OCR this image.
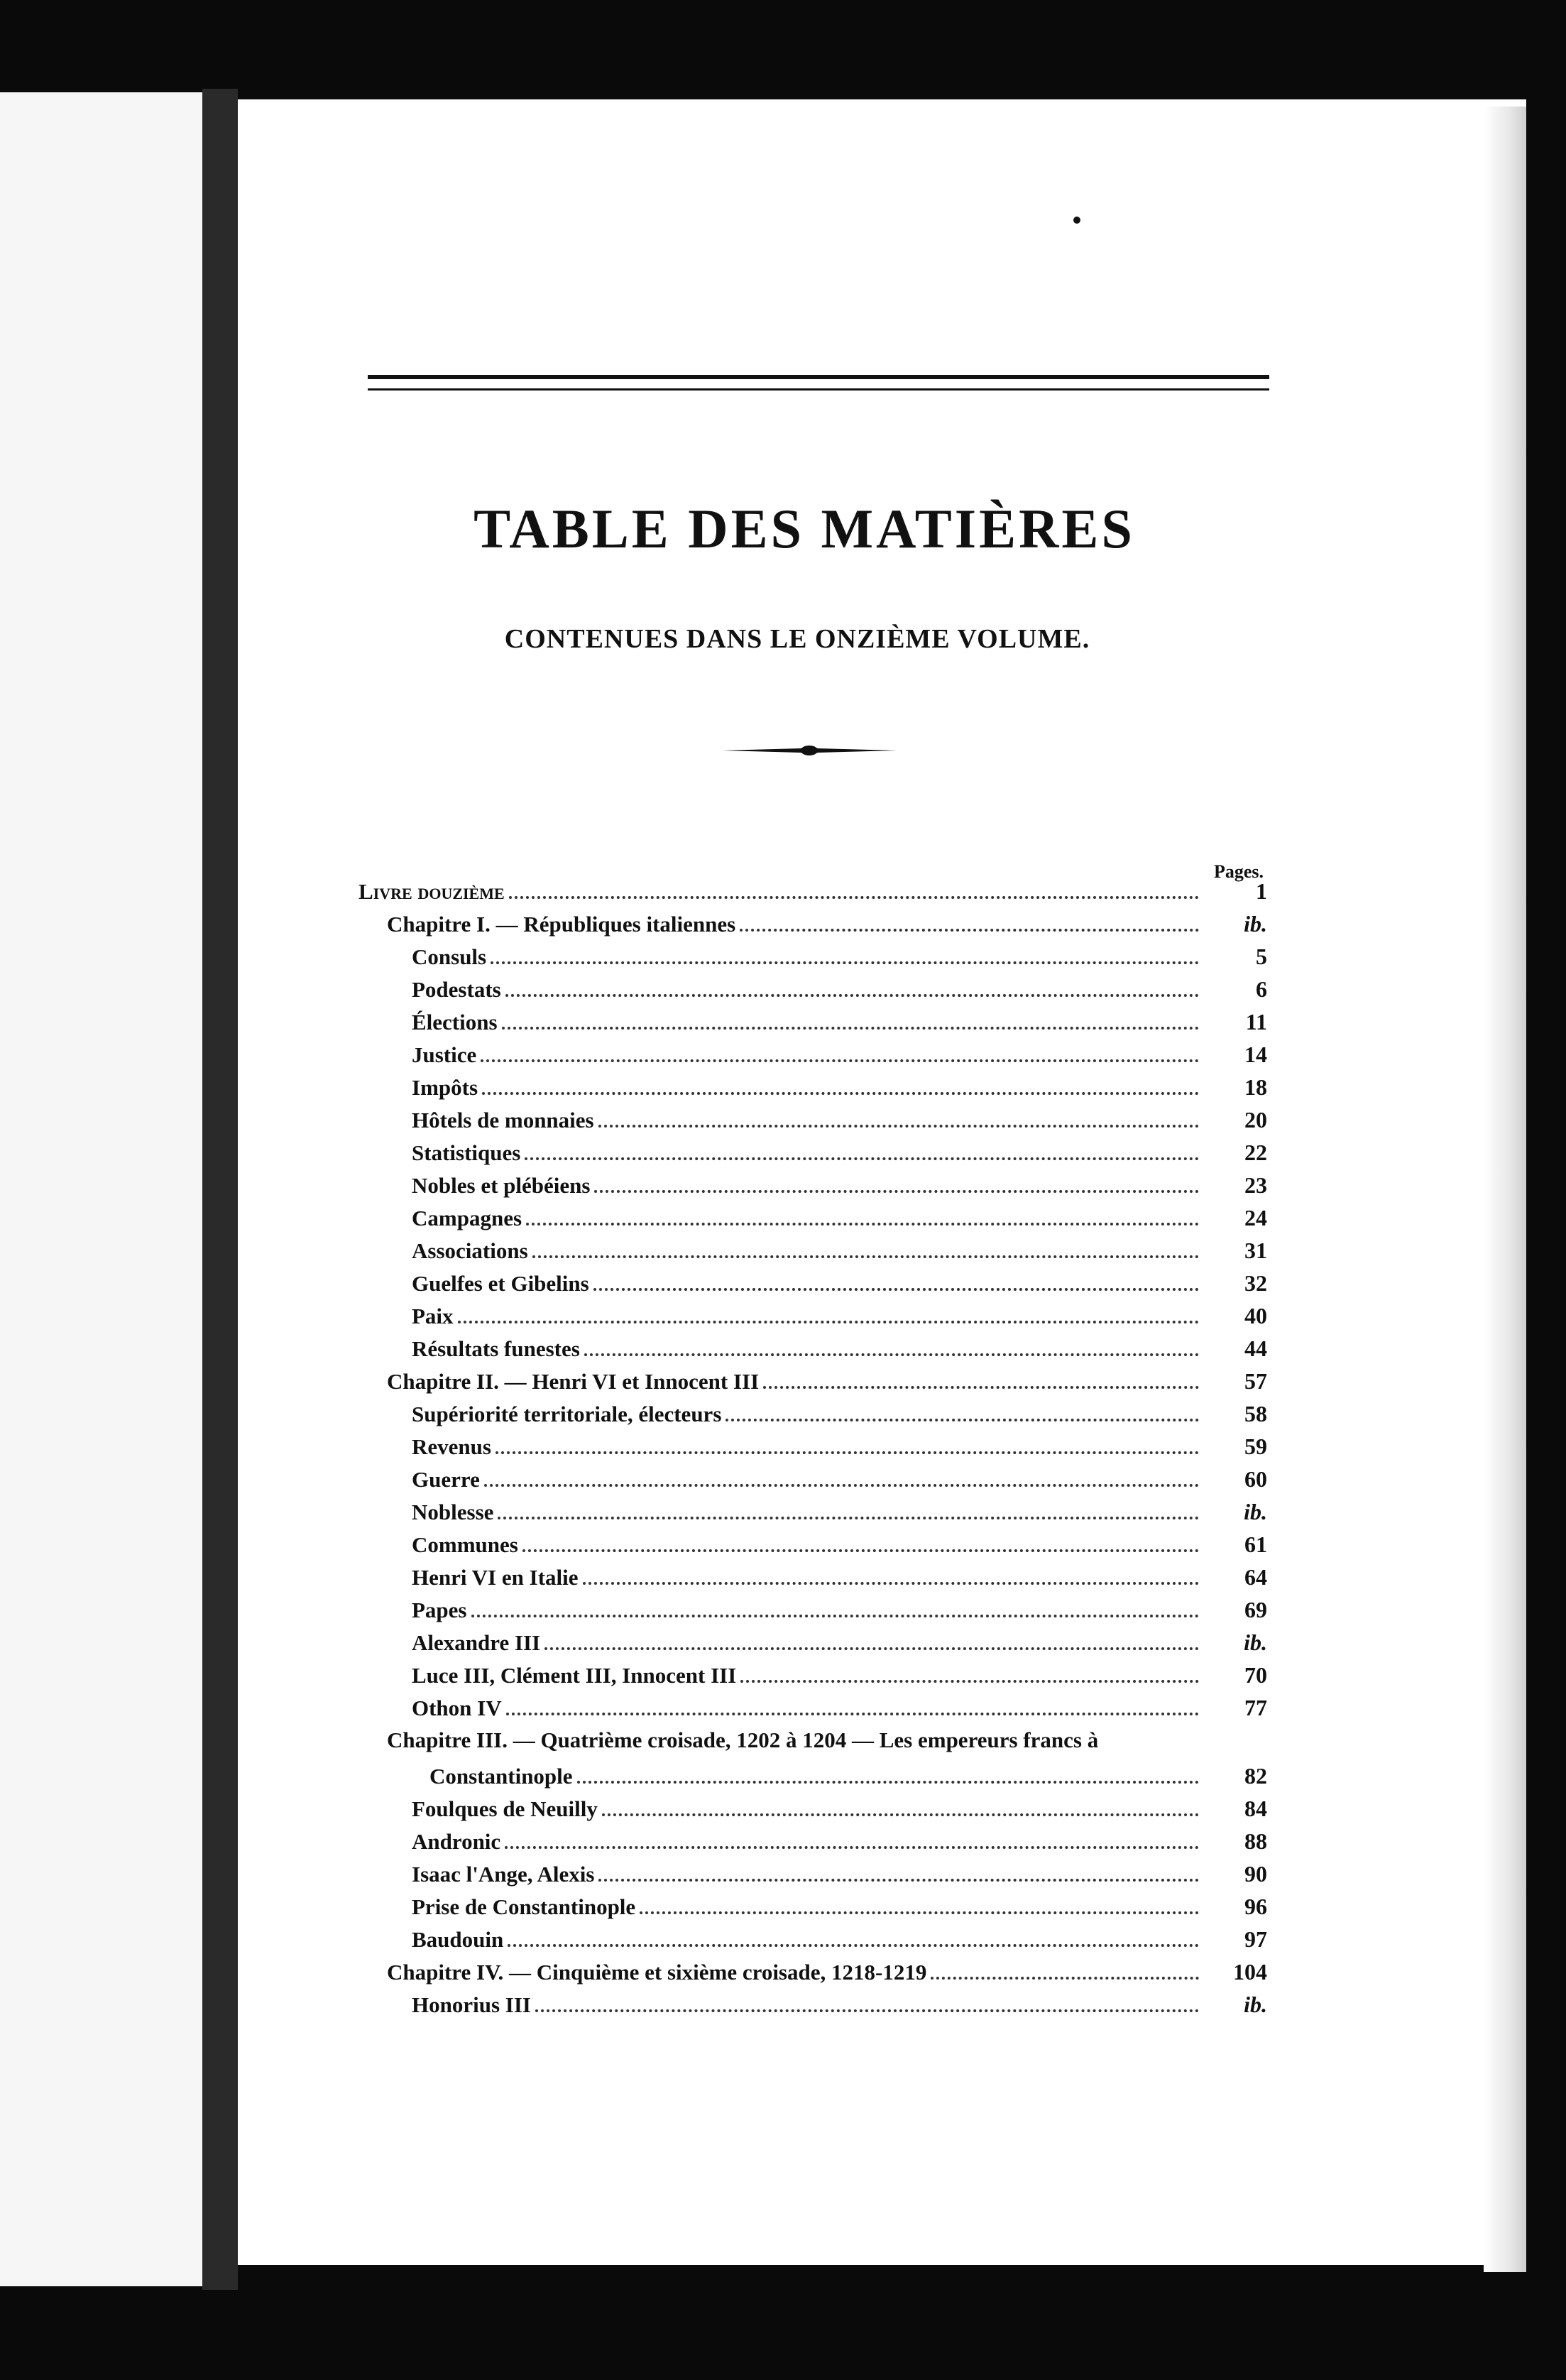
TABLE DES MATIÈRES
CONTENUES DANS LE ONZIÈME VOLUME.
Pages.
Livre douzième	1
Chapitre I. — Républiques italiennes	ib.
Consuls	5
Podestats	6
Élections	11
Justice	14
Impôts	18
Hôtels de monnaies	20
Statistiques	22
Nobles et plébéiens	23
Campagnes	24
Associations	31
Guelfes et Gibelins	32
Paix	40
Résultats funestes	44
Chapitre II. — Henri VI et Innocent III	57
Supériorité territoriale, électeurs	58
Revenus	59
Guerre	60
Noblesse	ib.
Communes	61
Henri VI en Italie	64
Papes	69
Alexandre III	ib.
Luce III, Clément III, Innocent III	70
Othon IV	77
Chapitre III. — Quatrième croisade, 1202 à 1204 — Les empereurs francs à
Constantinople	82
Foulques de Neuilly	84
Andronic	88
Isaac l'Ange, Alexis	90
Prise de Constantinople	96
Baudouin	97
Chapitre IV. — Cinquième et sixième croisade, 1218-1219	104
Honorius III	ib.
